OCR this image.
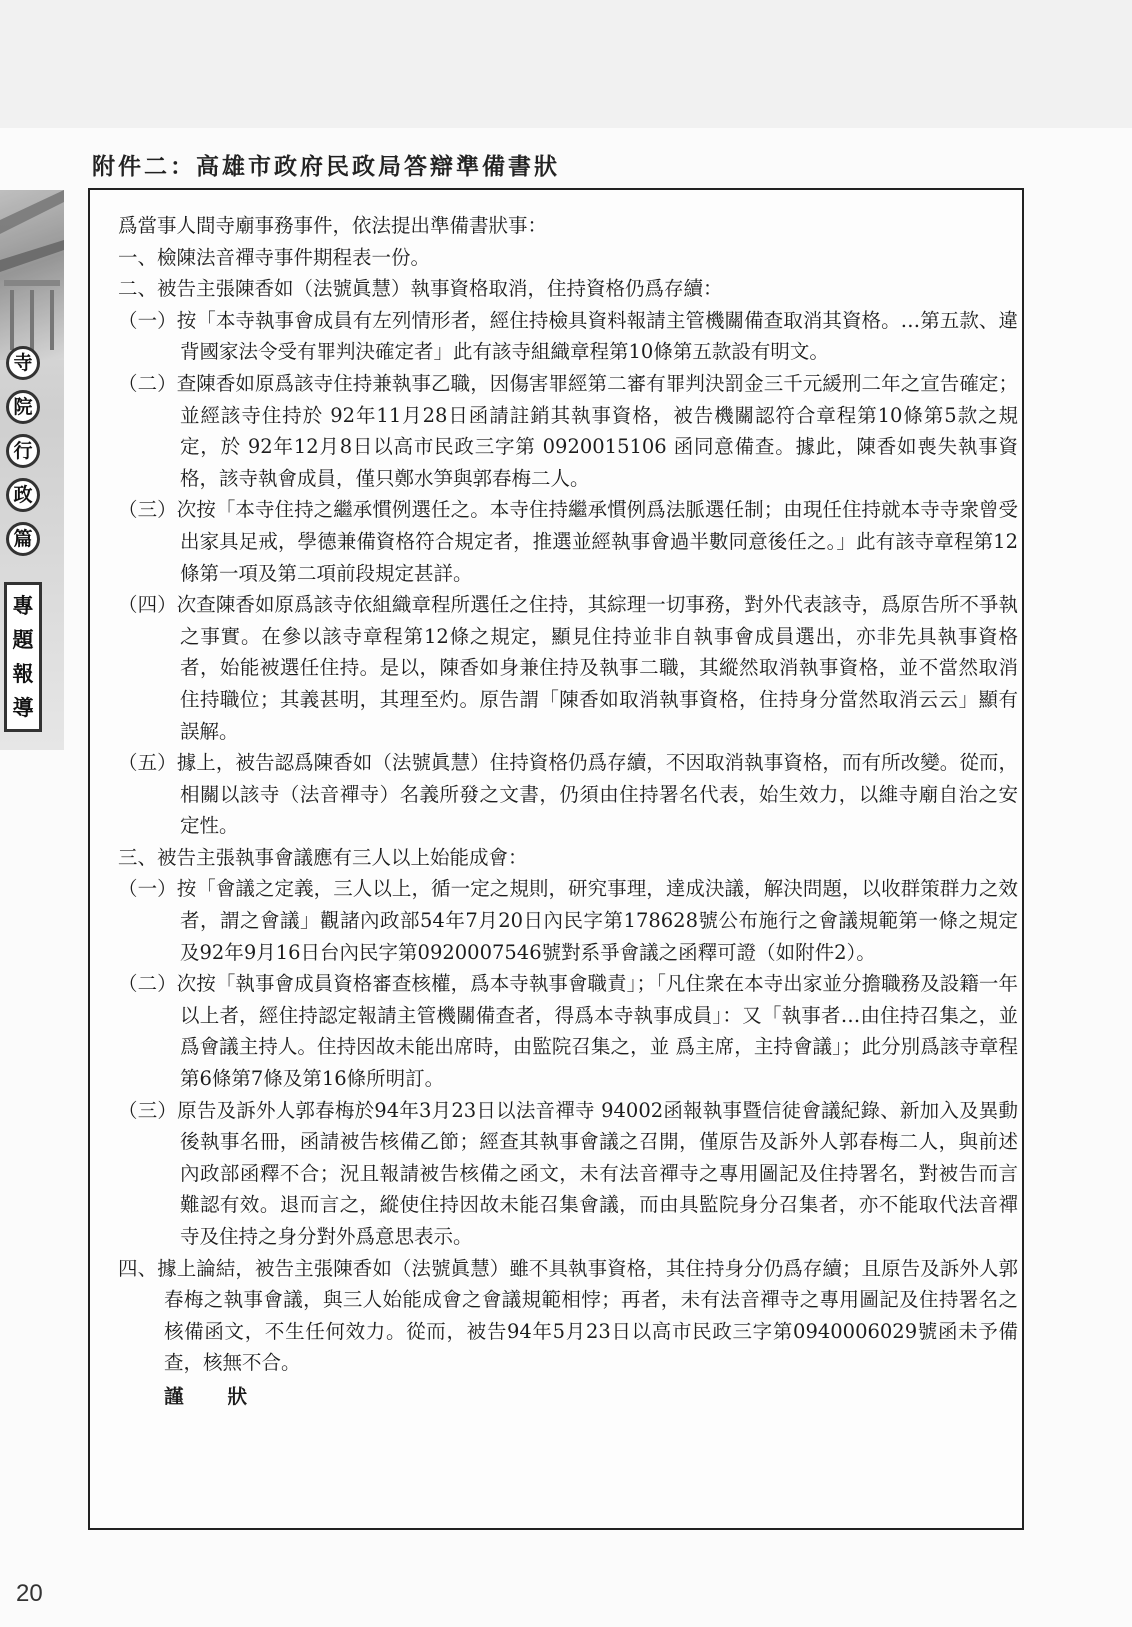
附件二：高雄市政府民政局答辯準備書狀
寺
院
行
政
篇
專
題
報
導

爲當事人間寺廟事務事件，依法提出準備書狀事：

一、檢陳法音禪寺事件期程表一份。

二、被告主張陳香如（法號眞慧）執事資格取消，住持資格仍爲存續：

（一）按「本寺執事會成員有左列情形者，經住持檢具資料報請主管機關備查取消其資格。…第五款、違背國家法令受有罪判決確定者」此有該寺組織章程第10條第五款設有明文。

（二）查陳香如原爲該寺住持兼執事乙職，因傷害罪經第二審有罪判決罰金三千元緩刑二年之宣告確定；並經該寺住持於 92年11月28日函請註銷其執事資格，被告機關認符合章程第10條第5款之規定，於 92年12月8日以高市民政三字第 0920015106 函同意備查。據此，陳香如喪失執事資格，該寺執會成員，僅只鄭水笋與郭春梅二人。

（三）次按「本寺住持之繼承慣例選任之。本寺住持繼承慣例爲法脈選任制；由現任住持就本寺寺衆曾受出家具足戒，學德兼備資格符合規定者，推選並經執事會過半數同意後任之。」此有該寺章程第12條第一項及第二項前段規定甚詳。

（四）次查陳香如原爲該寺依組織章程所選任之住持，其綜理一切事務，對外代表該寺，爲原告所不爭執之事實。在參以該寺章程第12條之規定，顯見住持並非自執事會成員選出，亦非先具執事資格者，始能被選任住持。是以，陳香如身兼住持及執事二職，其縱然取消執事資格，並不當然取消住持職位；其義甚明，其理至灼。原告謂「陳香如取消執事資格，住持身分當然取消云云」顯有誤解。

（五）據上，被告認爲陳香如（法號眞慧）住持資格仍爲存續，不因取消執事資格，而有所改變。從而，相關以該寺（法音禪寺）名義所發之文書，仍須由住持署名代表，始生效力，以維寺廟自治之安定性。

三、被告主張執事會議應有三人以上始能成會：

（一）按「會議之定義，三人以上，循一定之規則，研究事理，達成決議，解決問題，以收群策群力之效者，謂之會議」觀諸內政部54年7月20日內民字第178628號公布施行之會議規範第一條之規定及92年9月16日台內民字第0920007546號對系爭會議之函釋可證（如附件2）。

（二）次按「執事會成員資格審查核權，爲本寺執事會職責」；「凡住衆在本寺出家並分擔職務及設籍一年以上者，經住持認定報請主管機關備查者，得爲本寺執事成員」：又「執事者…由住持召集之，並爲會議主持人。住持因故未能出席時，由監院召集之，並 爲主席，主持會議」；此分別爲該寺章程第6條第7條及第16條所明訂。

（三）原告及訴外人郭春梅於94年3月23日以法音禪寺 94002函報執事暨信徒會議紀錄、新加入及異動後執事名冊，函請被告核備乙節；經查其執事會議之召開，僅原告及訴外人郭春梅二人，與前述內政部函釋不合；況且報請被告核備之函文，未有法音禪寺之專用圖記及住持署名，對被告而言難認有效。退而言之，縱使住持因故未能召集會議，而由具監院身分召集者，亦不能取代法音禪寺及住持之身分對外爲意思表示。

四、據上論結，被告主張陳香如（法號眞慧）雖不具執事資格，其住持身分仍爲存續；且原告及訴外人郭春梅之執事會議，與三人始能成會之會議規範相悖；再者，未有法音禪寺之專用圖記及住持署名之核備函文，不生任何效力。從而，被告94年5月23日以高市民政三字第0940006029號函未予備查，核無不合。

謹狀

20
